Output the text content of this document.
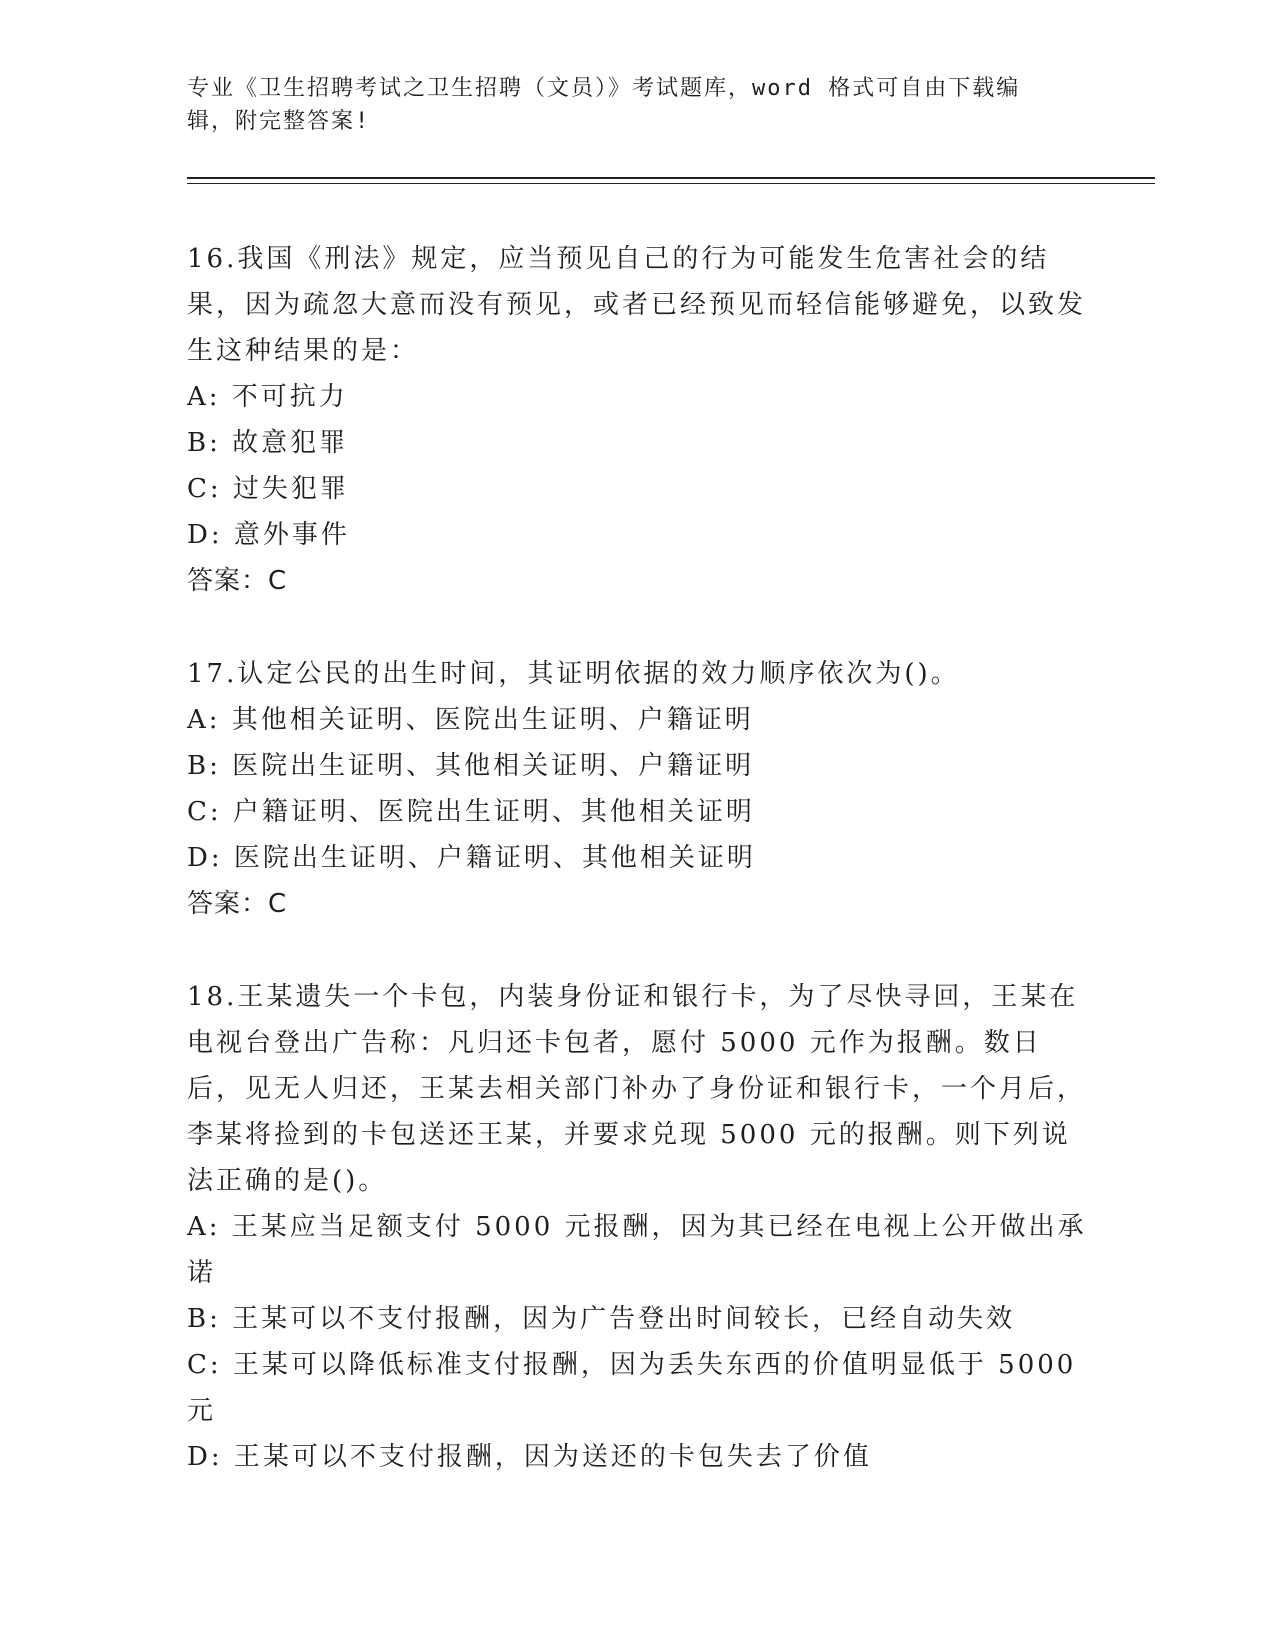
专业《卫生招聘考试之卫生招聘（文员）》考试题库，word 格式可自由下载编辑，附完整答案!

16.我国《刑法》规定，应当预见自己的行为可能发生危害社会的结果，因为疏忽大意而没有预见，或者已经预见而轻信能够避免，以致发生这种结果的是：

A: 不可抗力

B: 故意犯罪

C: 过失犯罪

D: 意外事件

答案：C

17.认定公民的出生时间，其证明依据的效力顺序依次为()。

A: 其他相关证明、医院出生证明、户籍证明

B: 医院出生证明、其他相关证明、户籍证明

C: 户籍证明、医院出生证明、其他相关证明

D: 医院出生证明、户籍证明、其他相关证明

答案：C

18.王某遗失一个卡包，内装身份证和银行卡，为了尽快寻回，王某在电视台登出广告称：凡归还卡包者，愿付 5000 元作为报酬。数日后，见无人归还，王某去相关部门补办了身份证和银行卡，一个月后，李某将捡到的卡包送还王某，并要求兑现 5000 元的报酬。则下列说法正确的是()。

A: 王某应当足额支付 5000 元报酬，因为其已经在电视上公开做出承诺

B: 王某可以不支付报酬，因为广告登出时间较长，已经自动失效

C: 王某可以降低标准支付报酬，因为丢失东西的价值明显低于 5000 元

D: 王某可以不支付报酬，因为送还的卡包失去了价值
